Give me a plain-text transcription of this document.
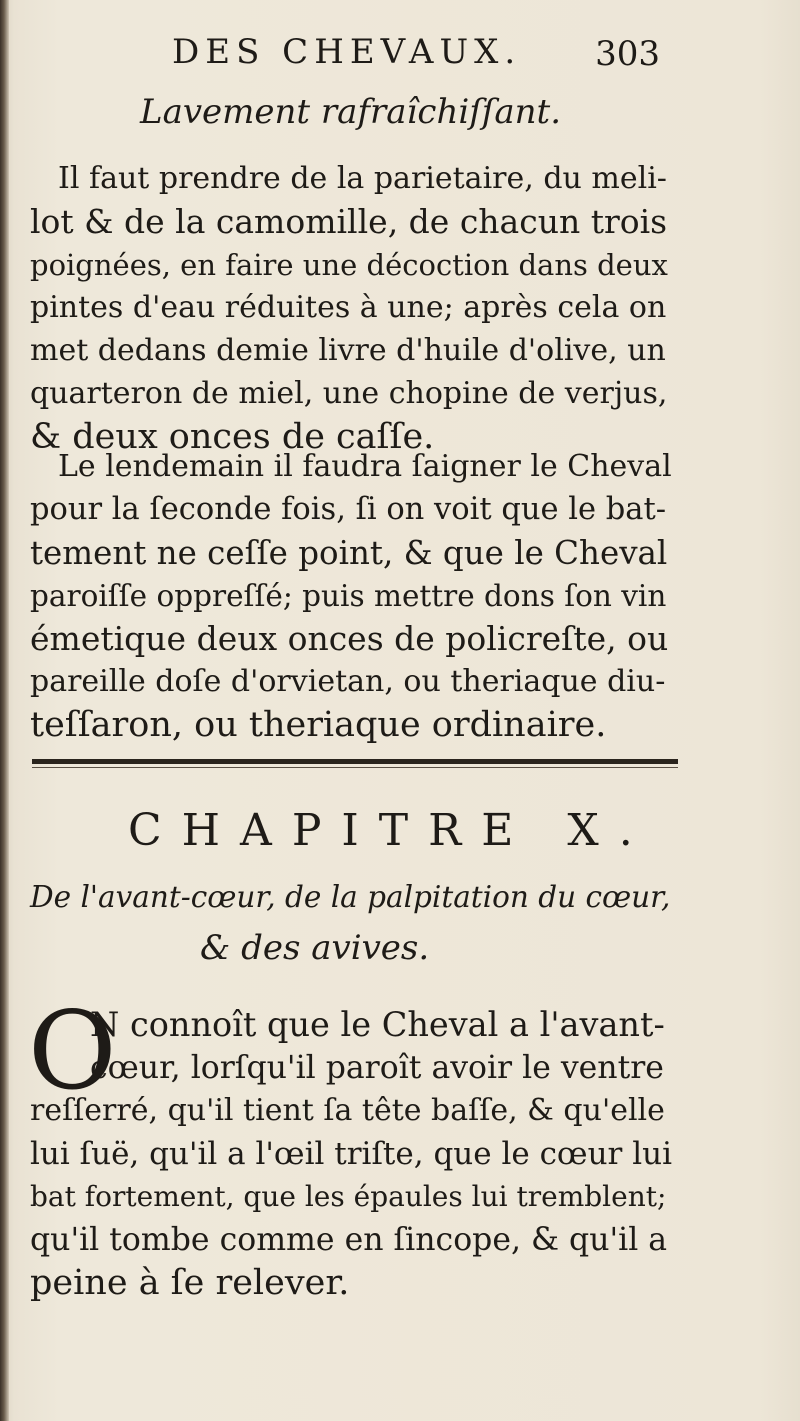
DES CHEVAUX. 303
Lavement rafraîchiſſant.
Il faut prendre de la parietaire, du meli-
lot & de la camomille, de chacun trois
poignées, en faire une décoction dans deux
pintes d'eau réduites à une; après cela on
met dedans demie livre d'huile d'olive, un
quarteron de miel, une chopine de verjus,
& deux onces de caſſe.
Le lendemain il faudra ſaigner le Cheval
pour la ſeconde fois, ſi on voit que le bat-
tement ne ceſſe point, & que le Cheval
paroiſſe oppreſſé; puis mettre dons ſon vin
émetique deux onces de policreſte, ou
pareille doſe d'orvietan, ou theriaque diu-
teſſaron, ou theriaque ordinaire.
CHAPITRE X.
De l'avant-cœur, de la palpitation du cœur,
& des avives.
O
N connoît que le Cheval a l'avant-
cœur, lorſqu'il paroît avoir le ventre
reſſerré, qu'il tient ſa tête baſſe, & qu'elle
lui ſuë, qu'il a l'œil triſte, que le cœur lui
bat fortement, que les épaules lui tremblent;
qu'il tombe comme en ſincope, & qu'il a
peine à ſe relever.
